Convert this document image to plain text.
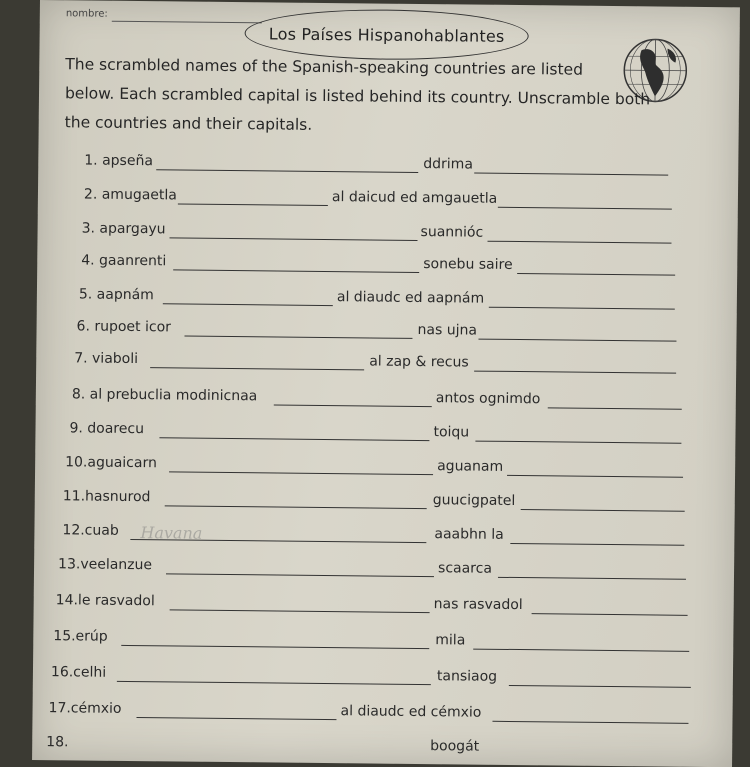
nombre:
Los Países Hispanohablantes
The scrambled names of the Spanish-speaking countries are listed
below. Each scrambled capital is listed behind its country. Unscramble both
the countries and their capitals.
1. apseña	ddrima
2. amugaetla	al daicud ed amgauetla
3. apargayu	suannióc
4. gaanrenti	sonebu saire
5. aapnám	al diaudc ed aapnám
6. rupoet icor	nas ujna
7. viaboli	al zap & recus
8. al prebuclia modinicnaa	antos ognimdo
9. doarecu	toiqu
10.aguaicarn	aguanam
11.hasnurod	guucigpatel
12.cuab Havana	aaabhn la
13.veelanzue	scaarca
14.le rasvadol	nas rasvadol
15.erúp	mila
16.celhi	tansiaog
17.cémxio	al diaudc ed cémxio
18.	boogát
